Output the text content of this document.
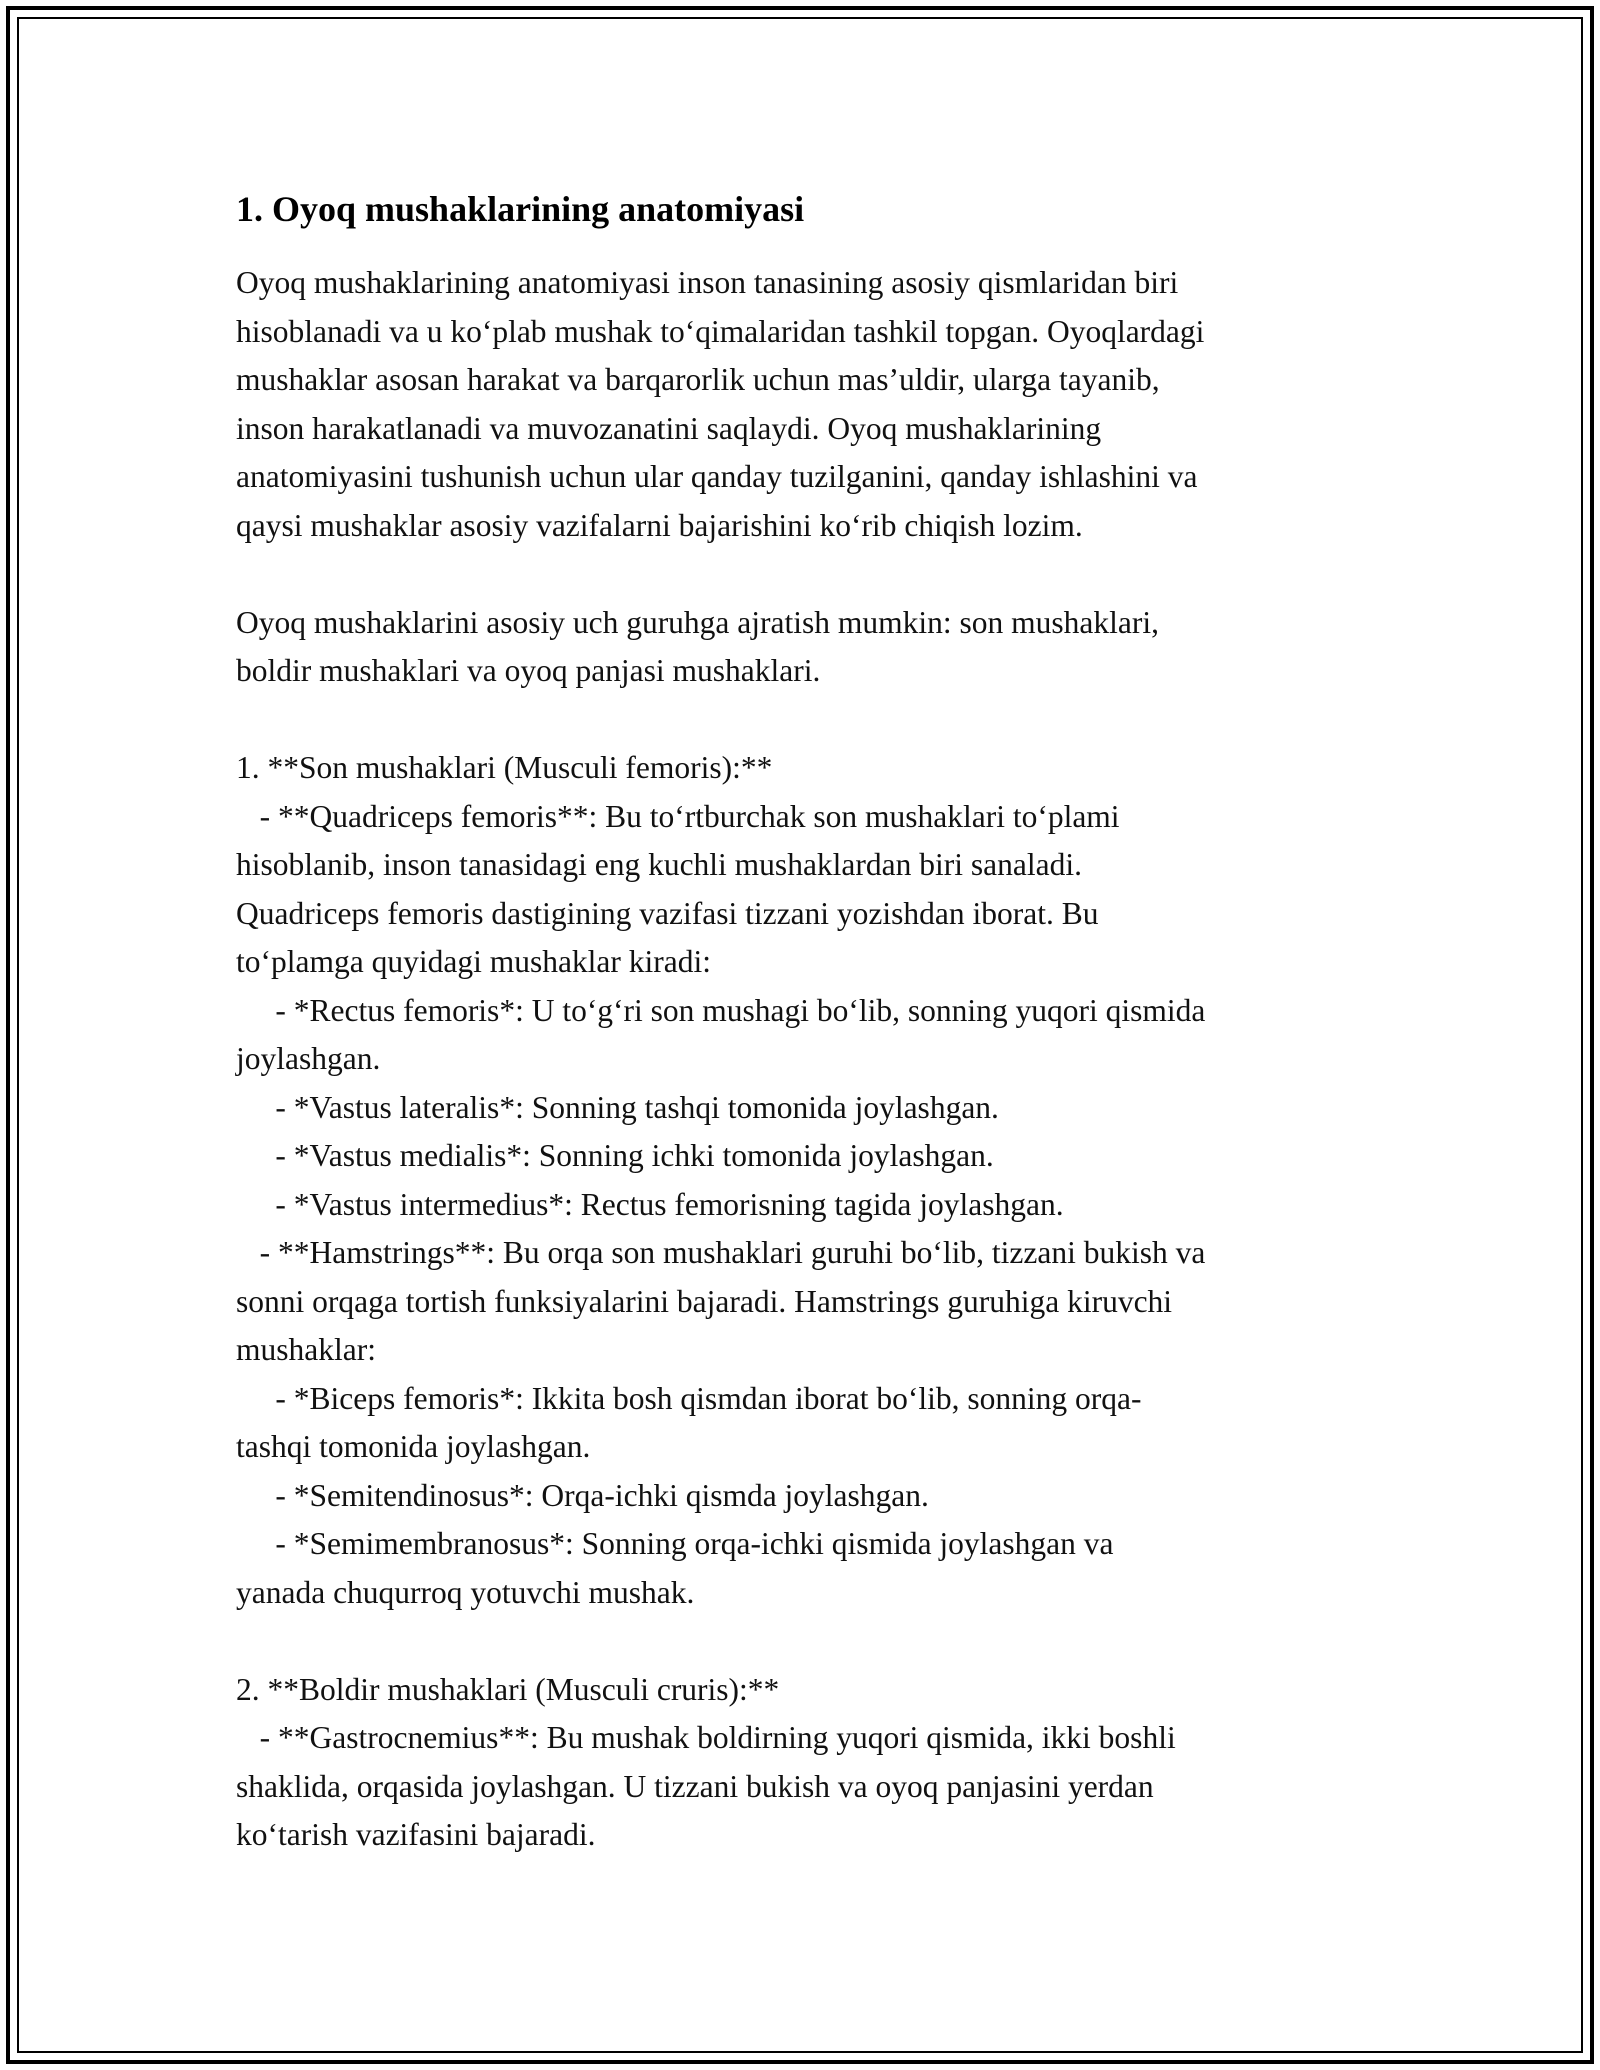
1. Oyoq mushaklarining anatomiyasi
Oyoq mushaklarining anatomiyasi inson tanasining asosiy qismlaridan biri
hisoblanadi va u ko‘plab mushak to‘qimalaridan tashkil topgan. Oyoqlardagi
mushaklar asosan harakat va barqarorlik uchun mas’uldir, ularga tayanib,
inson harakatlanadi va muvozanatini saqlaydi. Oyoq mushaklarining
anatomiyasini tushunish uchun ular qanday tuzilganini, qanday ishlashini va
qaysi mushaklar asosiy vazifalarni bajarishini ko‘rib chiqish lozim.
Oyoq mushaklarini asosiy uch guruhga ajratish mumkin: son mushaklari,
boldir mushaklari va oyoq panjasi mushaklari.
1. **Son mushaklari (Musculi femoris):**
- **Quadriceps femoris**: Bu to‘rtburchak son mushaklari to‘plami
hisoblanib, inson tanasidagi eng kuchli mushaklardan biri sanaladi.
Quadriceps femoris dastigining vazifasi tizzani yozishdan iborat. Bu
to‘plamga quyidagi mushaklar kiradi:
- *Rectus femoris*: U to‘g‘ri son mushagi bo‘lib, sonning yuqori qismida
joylashgan.
- *Vastus lateralis*: Sonning tashqi tomonida joylashgan.
- *Vastus medialis*: Sonning ichki tomonida joylashgan.
- *Vastus intermedius*: Rectus femorisning tagida joylashgan.
- **Hamstrings**: Bu orqa son mushaklari guruhi bo‘lib, tizzani bukish va
sonni orqaga tortish funksiyalarini bajaradi. Hamstrings guruhiga kiruvchi
mushaklar:
- *Biceps femoris*: Ikkita bosh qismdan iborat bo‘lib, sonning orqa-
tashqi tomonida joylashgan.
- *Semitendinosus*: Orqa-ichki qismda joylashgan.
- *Semimembranosus*: Sonning orqa-ichki qismida joylashgan va
yanada chuqurroq yotuvchi mushak.
2. **Boldir mushaklari (Musculi cruris):**
- **Gastrocnemius**: Bu mushak boldirning yuqori qismida, ikki boshli
shaklida, orqasida joylashgan. U tizzani bukish va oyoq panjasini yerdan
ko‘tarish vazifasini bajaradi.
